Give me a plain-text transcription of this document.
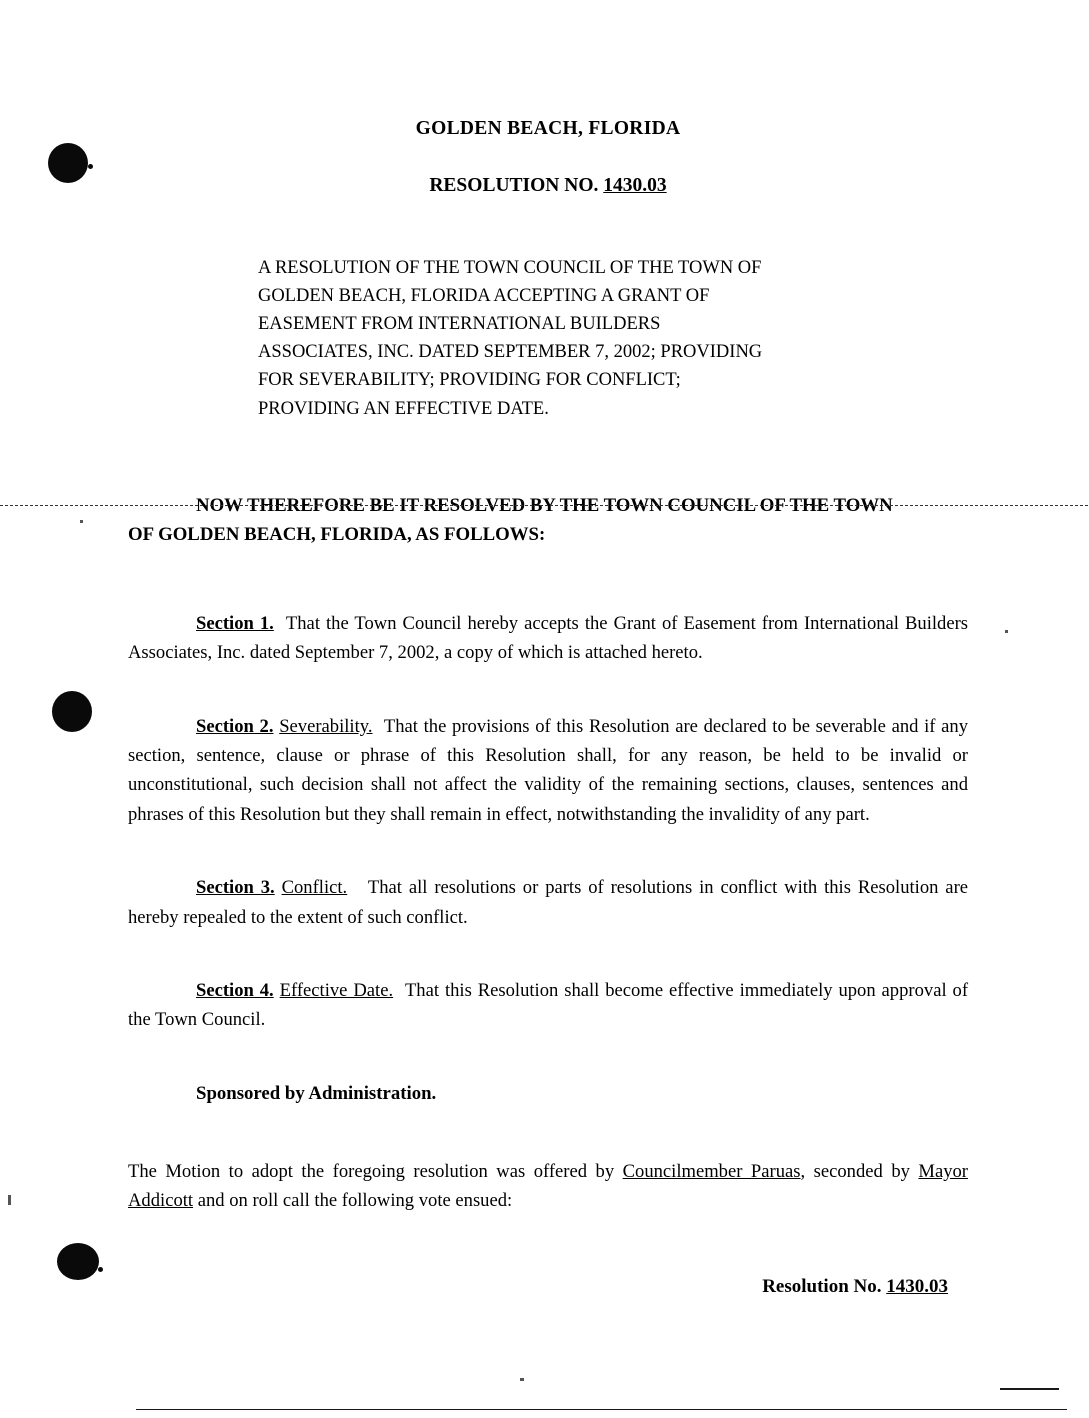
GOLDEN BEACH, FLORIDA
RESOLUTION NO. 1430.03
A RESOLUTION OF THE TOWN COUNCIL OF THE TOWN OF
GOLDEN BEACH, FLORIDA ACCEPTING A GRANT OF
EASEMENT FROM INTERNATIONAL BUILDERS
ASSOCIATES, INC. DATED SEPTEMBER 7, 2002; PROVIDING
FOR SEVERABILITY; PROVIDING FOR CONFLICT;
PROVIDING AN EFFECTIVE DATE.
NOW THEREFORE BE IT RESOLVED BY THE TOWN COUNCIL OF THE TOWN
OF GOLDEN BEACH, FLORIDA, AS FOLLOWS:
Section 1. That the Town Council hereby accepts the Grant of Easement from International Builders Associates, Inc. dated September 7, 2002, a copy of which is attached hereto.
Section 2. Severability. That the provisions of this Resolution are declared to be severable and if any section, sentence, clause or phrase of this Resolution shall, for any reason, be held to be invalid or unconstitutional, such decision shall not affect the validity of the remaining sections, clauses, sentences and phrases of this Resolution but they shall remain in effect, notwithstanding the invalidity of any part.
Section 3. Conflict. That all resolutions or parts of resolutions in conflict with this Resolution are hereby repealed to the extent of such conflict.
Section 4. Effective Date. That this Resolution shall become effective immediately upon approval of the Town Council.
Sponsored by Administration.
The Motion to adopt the foregoing resolution was offered by Councilmember Paruas, seconded by Mayor Addicott and on roll call the following vote ensued:
Resolution No. 1430.03
